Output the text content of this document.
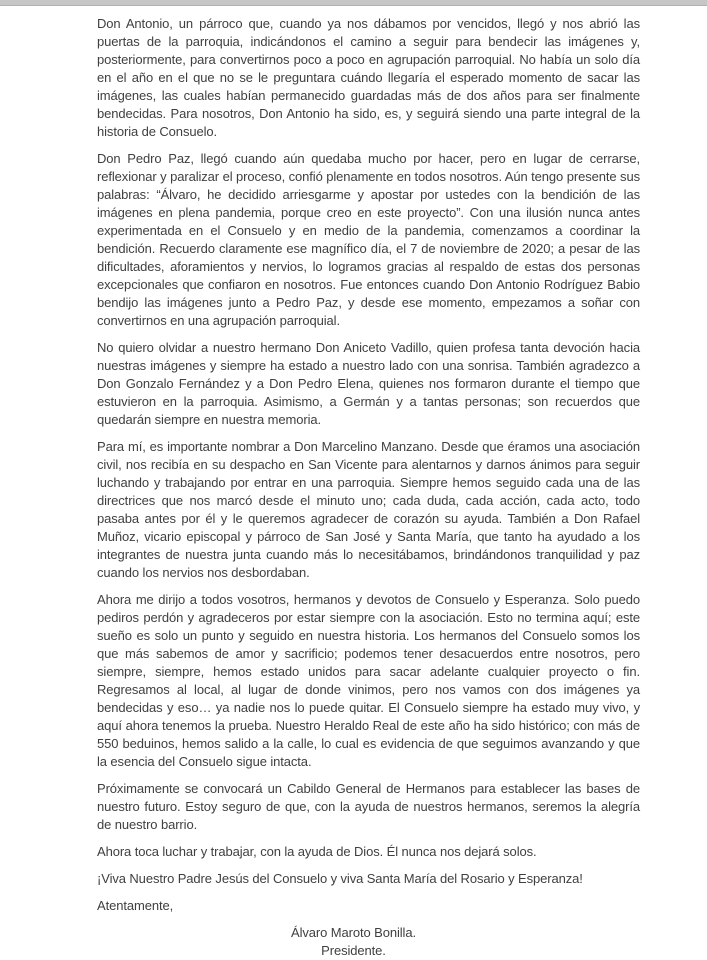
Don Antonio, un párroco que, cuando ya nos dábamos por vencidos, llegó y nos abrió las puertas de la parroquia, indicándonos el camino a seguir para bendecir las imágenes y, posteriormente, para convertirnos poco a poco en agrupación parroquial. No había un solo día en el año en el que no se le preguntara cuándo llegaría el esperado momento de sacar las imágenes, las cuales habían permanecido guardadas más de dos años para ser finalmente bendecidas. Para nosotros, Don Antonio ha sido, es, y seguirá siendo una parte integral de la historia de Consuelo.

Don Pedro Paz, llegó cuando aún quedaba mucho por hacer, pero en lugar de cerrarse, reflexionar y paralizar el proceso, confió plenamente en todos nosotros. Aún tengo presente sus palabras: “Álvaro, he decidido arriesgarme y apostar por ustedes con la bendición de las imágenes en plena pandemia, porque creo en este proyecto”. Con una ilusión nunca antes experimentada en el Consuelo y en medio de la pandemia, comenzamos a coordinar la bendición. Recuerdo claramente ese magnífico día, el 7 de noviembre de 2020; a pesar de las dificultades, aforamientos y nervios, lo logramos gracias al respaldo de estas dos personas excepcionales que confiaron en nosotros. Fue entonces cuando Don Antonio Rodríguez Babio bendijo las imágenes junto a Pedro Paz, y desde ese momento, empezamos a soñar con convertirnos en una agrupación parroquial.

No quiero olvidar a nuestro hermano Don Aniceto Vadillo, quien profesa tanta devoción hacia nuestras imágenes y siempre ha estado a nuestro lado con una sonrisa. También agradezco a Don Gonzalo Fernández y a Don Pedro Elena, quienes nos formaron durante el tiempo que estuvieron en la parroquia. Asimismo, a Germán y a tantas personas; son recuerdos que quedarán siempre en nuestra memoria.

Para mí, es importante nombrar a Don Marcelino Manzano. Desde que éramos una asociación civil, nos recibía en su despacho en San Vicente para alentarnos y darnos ánimos para seguir luchando y trabajando por entrar en una parroquia. Siempre hemos seguido cada una de las directrices que nos marcó desde el minuto uno; cada duda, cada acción, cada acto, todo pasaba antes por él y le queremos agradecer de corazón su ayuda. También a Don Rafael Muñoz, vicario episcopal y párroco de San José y Santa María, que tanto ha ayudado a los integrantes de nuestra junta cuando más lo necesitábamos, brindándonos tranquilidad y paz cuando los nervios nos desbordaban.

Ahora me dirijo a todos vosotros, hermanos y devotos de Consuelo y Esperanza. Solo puedo pediros perdón y agradeceros por estar siempre con la asociación. Esto no termina aquí; este sueño es solo un punto y seguido en nuestra historia. Los hermanos del Consuelo somos los que más sabemos de amor y sacrificio; podemos tener desacuerdos entre nosotros, pero siempre, siempre, hemos estado unidos para sacar adelante cualquier proyecto o fin. Regresamos al local, al lugar de donde vinimos, pero nos vamos con dos imágenes ya bendecidas y eso… ya nadie nos lo puede quitar. El Consuelo siempre ha estado muy vivo, y aquí ahora tenemos la prueba. Nuestro Heraldo Real de este año ha sido histórico; con más de 550 beduinos, hemos salido a la calle, lo cual es evidencia de que seguimos avanzando y que la esencia del Consuelo sigue intacta.

Próximamente se convocará un Cabildo General de Hermanos para establecer las bases de nuestro futuro. Estoy seguro de que, con la ayuda de nuestros hermanos, seremos la alegría de nuestro barrio.

Ahora toca luchar y trabajar, con la ayuda de Dios. Él nunca nos dejará solos.

¡Viva Nuestro Padre Jesús del Consuelo y viva Santa María del Rosario y Esperanza!

Atentamente,

Álvaro Maroto Bonilla.

Presidente.
